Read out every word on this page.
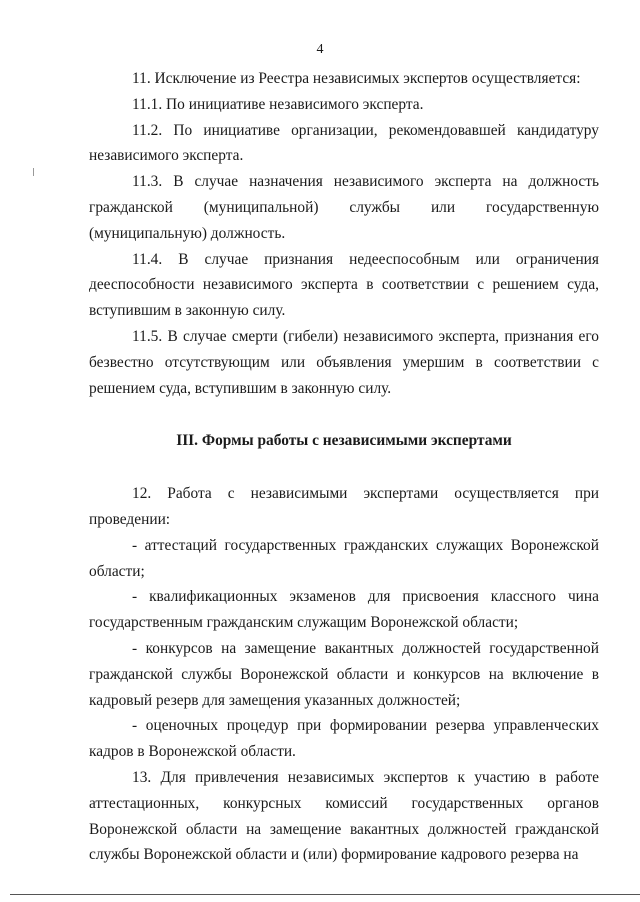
4

11. Исключение из Реестра независимых экспертов осуществляется:

11.1. По инициативе независимого эксперта.

11.2. По инициативе организации, рекомендовавшей кандидатуру независимого эксперта.

11.3. В случае назначения независимого эксперта на должность гражданской (муниципальной) службы или государственную (муниципальную) должность.

11.4. В случае признания недееспособным или ограничения дееспособности независимого эксперта в соответствии с решением суда, вступившим в законную силу.

11.5. В случае смерти (гибели) независимого эксперта, признания его безвестно отсутствующим или объявления умершим в соответствии с решением суда, вступившим в законную силу.

III. Формы работы с независимыми экспертами

12. Работа с независимыми экспертами осуществляется при проведении:

- аттестаций государственных гражданских служащих Воронежской области;

- квалификационных экзаменов для присвоения классного чина государственным гражданским служащим Воронежской области;

- конкурсов на замещение вакантных должностей государственной гражданской службы Воронежской области и конкурсов на включение в кадровый резерв для замещения указанных должностей;

- оценочных процедур при формировании резерва управленческих кадров в Воронежской области.

13. Для привлечения независимых экспертов к участию в работе аттестационных, конкурсных комиссий государственных органов Воронежской области на замещение вакантных должностей гражданской службы Воронежской области и (или) формирование кадрового резерва на
